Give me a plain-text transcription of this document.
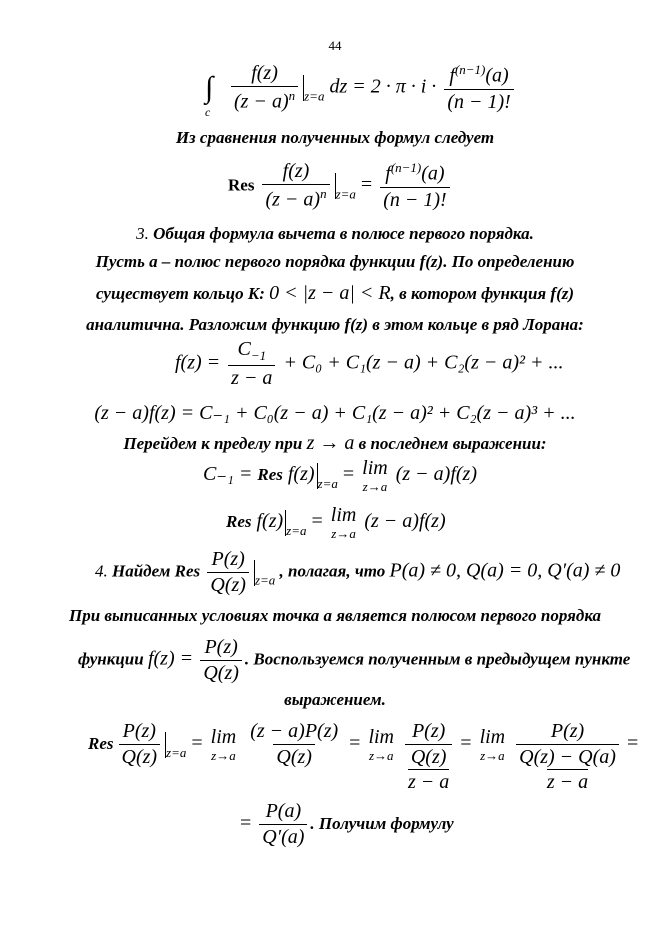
44
∫
c
$\frac{f(z)}{(z - a)^n} _{z=a}$ dz = $2 \cdot \pi \cdot i \cdot \frac{f^{(n-1)}(a)}{(n - 1)!}$
Из сравнения полученных формул следует
Res $\frac{f(z)}{(z - a)^n} _{z=a} = \frac{f^{(n-1)}(a)}{(n - 1)!}$
3. Общая формула вычета в полюсе первого порядка.
Пусть a – полюс первого порядка функции f(z). По определению
существует кольцо K: 0 < |z − a| < R, в котором функция f(z)
аналитична. Разложим функцию f(z) в этом кольце в ряд Лорана:
$f(z) = \frac{C_{-1}}{z - a} + C_0 + C_1(z - a) + C_2(z - a)^2$ + ...
(z − a)f(z) = C₋₁ + C₀(z − a) + C₁(z − a)² + C₂(z − a)³ + ...
Перейдем к пределу при z → a в последнем выражении:
C₋₁ = Res f(z) $_{z=a}$ = lim
z→a
(z − a)f(z)
Res f(z) $_{z=a}$ = lim
z→a
(z − a)f(z)
4. Найдем Res $\frac{P(z)}{Q(z)} _{z=a}$ , полагая, что P(a) ≠ 0, Q(a) = 0, Q′(a) ≠ 0
При выписанных условиях точка a является полюсом первого порядка
функции $f(z) = \frac{P(z)}{Q(z)}$ . Воспользуемся полученным в предыдущем пункте
выражением.
Res $\frac{P(z)}{Q(z)} _{z=a} = \lim$
z→a
$\frac{(z - a)P(z)}{Q(z)} = \lim$
z→a
P(z)
Q(z)
z − a = lim
z→a
P(z)
Q(z) − Q(a)
z − a =
= $\frac{P(a)}{Q'(a)}$ . Получим формулу
